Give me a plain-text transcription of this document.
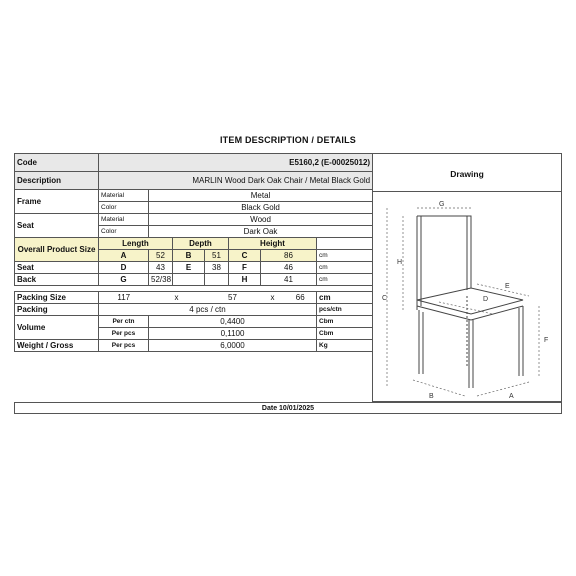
ITEM DESCRIPTION / DETAILS
Code	E5160,2 (E-00025012)							
Description	MARLIN Wood Dark Oak Chair / Metal Black Gold							
Frame	Material	Metal						
	Color	Black Gold						
Seat	Material	Wood						
	Color	Dark Oak						
Overall Product Size	Length		Depth		Height			
	A	52	B	51	C	86		cm
Seat	D	43	E	38	F	46		cm
Back	G	52/38			H	41		cm

Packing Size	117	x		57		x	66	cm
Packing	4 pcs / ctn							pcs/ctn
Volume	Per ctn	0,4400						Cbm
	Per pcs	0,1100						Cbm
Weight / Gross	Per pcs	6,0000						Kg
Drawing
G
H
C	D
E
F
B	A
Date 10/01/2025
